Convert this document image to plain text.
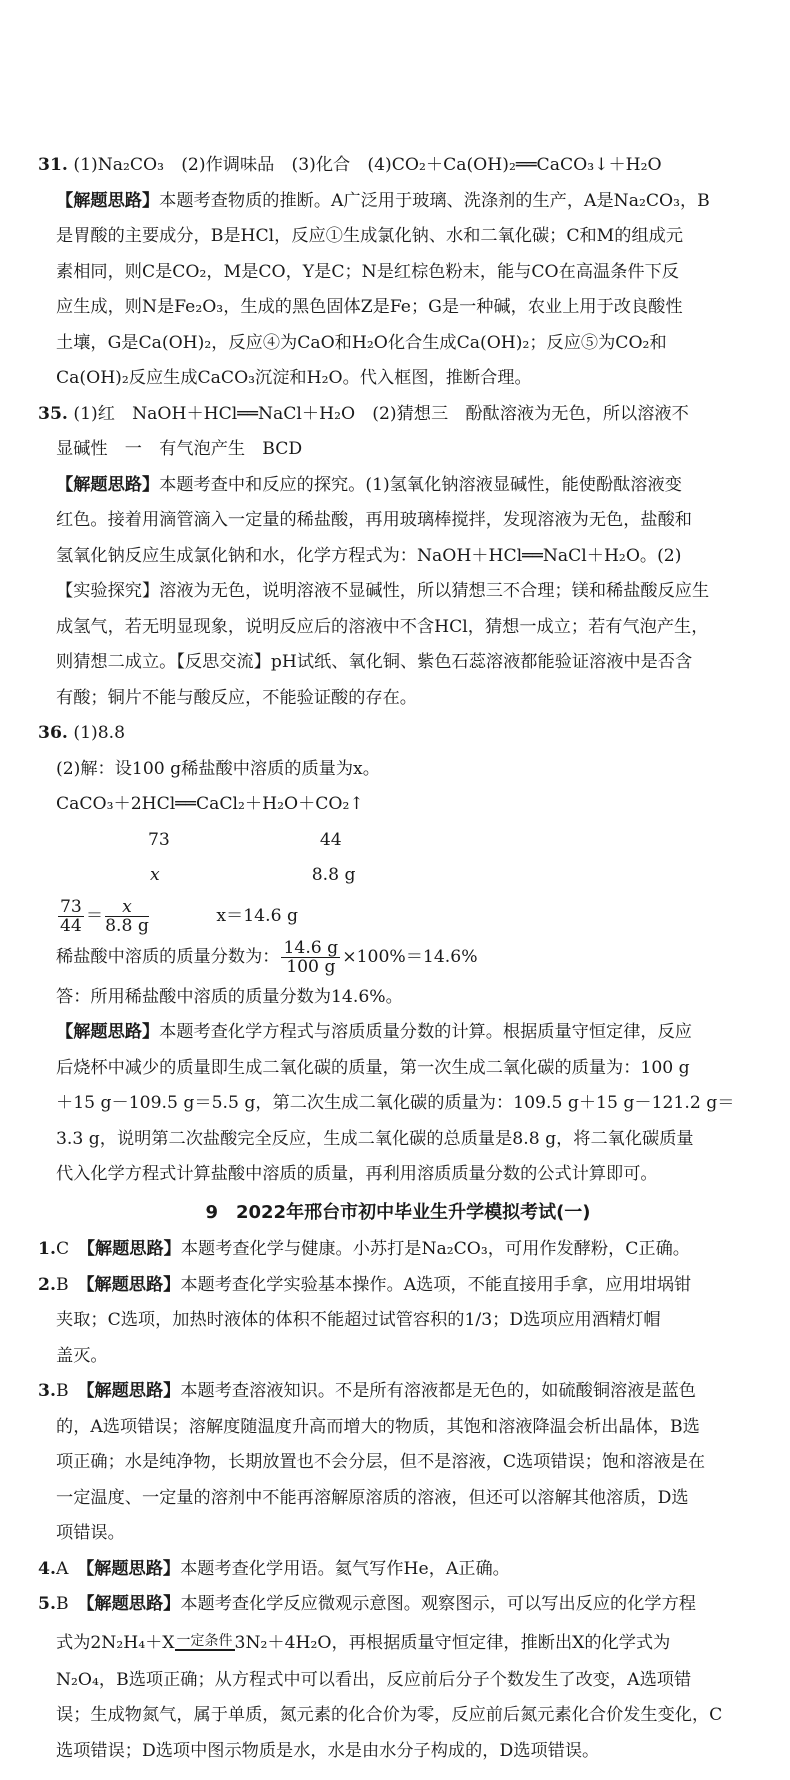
31. (1)Na₂CO₃　(2)作调味品　(3)化合　(4)CO₂＋Ca(OH)₂══CaCO₃↓＋H₂O

【解题思路】本题考查物质的推断。A广泛用于玻璃、洗涤剂的生产，A是Na₂CO₃，B

是胃酸的主要成分，B是HCl，反应①生成氯化钠、水和二氧化碳；C和M的组成元

素相同，则C是CO₂，M是CO，Y是C；N是红棕色粉末，能与CO在高温条件下反

应生成，则N是Fe₂O₃，生成的黑色固体Z是Fe；G是一种碱，农业上用于改良酸性

土壤，G是Ca(OH)₂，反应④为CaO和H₂O化合生成Ca(OH)₂；反应⑤为CO₂和

Ca(OH)₂反应生成CaCO₃沉淀和H₂O。代入框图，推断合理。

35. (1)红　NaOH＋HCl══NaCl＋H₂O　(2)猜想三　酚酞溶液为无色，所以溶液不

显碱性　一　有气泡产生　BCD

【解题思路】本题考查中和反应的探究。(1)氢氧化钠溶液显碱性，能使酚酞溶液变

红色。接着用滴管滴入一定量的稀盐酸，再用玻璃棒搅拌，发现溶液为无色，盐酸和

氢氧化钠反应生成氯化钠和水，化学方程式为：NaOH＋HCl══NaCl＋H₂O。(2)

【实验探究】溶液为无色，说明溶液不显碱性，所以猜想三不合理；镁和稀盐酸反应生

成氢气，若无明显现象，说明反应后的溶液中不含HCl，猜想一成立；若有气泡产生，

则猜想二成立。【反思交流】pH试纸、氧化铜、紫色石蕊溶液都能验证溶液中是否含

有酸；铜片不能与酸反应，不能验证酸的存在。

36. (1)8.8

(2)解：设100 g稀盐酸中溶质的质量为x。

CaCO₃＋2HCl══CaCl₂＋H₂O＋CO₂↑

73	44

x	8.8 g

$\frac{73}{44} = \frac{x}{8.8 g}$	x＝14.6 g

稀盐酸中溶质的质量分数为： $\frac{14.6 g}{100 g} \times 100\%=14.6\%$

答：所用稀盐酸中溶质的质量分数为14.6%。

【解题思路】本题考查化学方程式与溶质质量分数的计算。根据质量守恒定律，反应

后烧杯中减少的质量即生成二氧化碳的质量，第一次生成二氧化碳的质量为：100 g

＋15 g－109.5 g＝5.5 g，第二次生成二氧化碳的质量为：109.5 g＋15 g－121.2 g＝

3.3 g，说明第二次盐酸完全反应，生成二氧化碳的总质量是8.8 g，将二氧化碳质量

代入化学方程式计算盐酸中溶质的质量，再利用溶质质量分数的公式计算即可。

9　2022年邢台市初中毕业生升学模拟考试(一)

1.C　 【解题思路】本题考查化学与健康。小苏打是Na₂CO₃，可用作发酵粉，C正确。

2.B　 【解题思路】本题考查化学实验基本操作。A选项，不能直接用手拿，应用坩埚钳

夹取；C选项，加热时液体的体积不能超过试管容积的1/3；D选项应用酒精灯帽

盖灭。

3.B　 【解题思路】本题考查溶液知识。不是所有溶液都是无色的，如硫酸铜溶液是蓝色

的，A选项错误；溶解度随温度升高而增大的物质，其饱和溶液降温会析出晶体，B选

项正确；水是纯净物，长期放置也不会分层，但不是溶液，C选项错误；饱和溶液是在

一定温度、一定量的溶剂中不能再溶解原溶质的溶液，但还可以溶解其他溶质，D选

项错误。

4.A　 【解题思路】本题考查化学用语。氦气写作He，A正确。

5.B　 【解题思路】本题考查化学反应微观示意图。观察图示，可以写出反应的化学方程

式为2N₂H₄＋X 一定条件 3N₂＋4H₂O，再根据质量守恒定律，推断出X的化学式为

N₂O₄，B选项正确；从方程式中可以看出，反应前后分子个数发生了改变，A选项错

误；生成物氮气，属于单质，氮元素的化合价为零，反应前后氮元素化合价发生变化，C

选项错误；D选项中图示物质是水，水是由水分子构成的，D选项错误。
